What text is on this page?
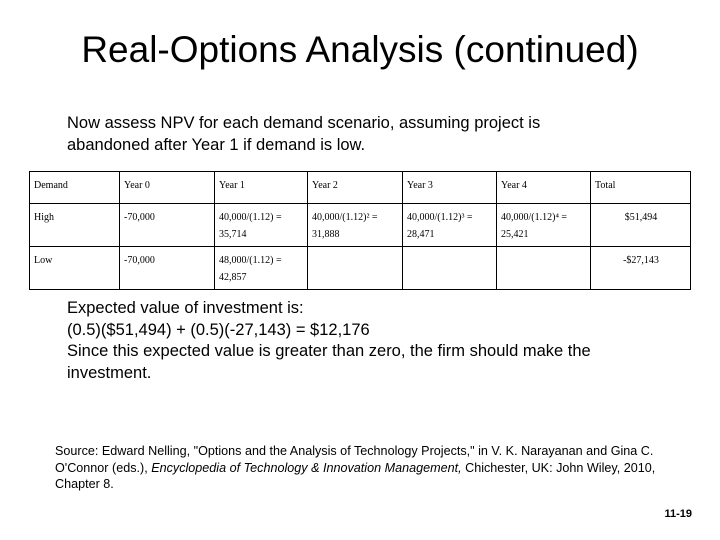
Real-Options Analysis (continued)
Now assess NPV for each demand scenario, assuming project is abandoned after Year 1 if demand is low.
Demand	Year 0	Year 1	Year 2	Year 3	Year 4	Total
High	-70,000	40,000/(1.12) = 35,714	40,000/(1.12)² = 31,888	40,000/(1.12)³ = 28,471	40,000/(1.12)⁴ = 25,421	$51,494
Low	-70,000	48,000/(1.12) = 42,857				-$27,143
Expected value of investment is:
(0.5)($51,494) + (0.5)(-27,143) = $12,176
Since this expected value is greater than zero, the firm should make the investment.
Source: Edward Nelling, "Options and the Analysis of Technology Projects," in V. K. Narayanan and Gina C. O'Connor (eds.), Encyclopedia of Technology & Innovation Management, Chichester, UK: John Wiley, 2010, Chapter 8.
11-19
